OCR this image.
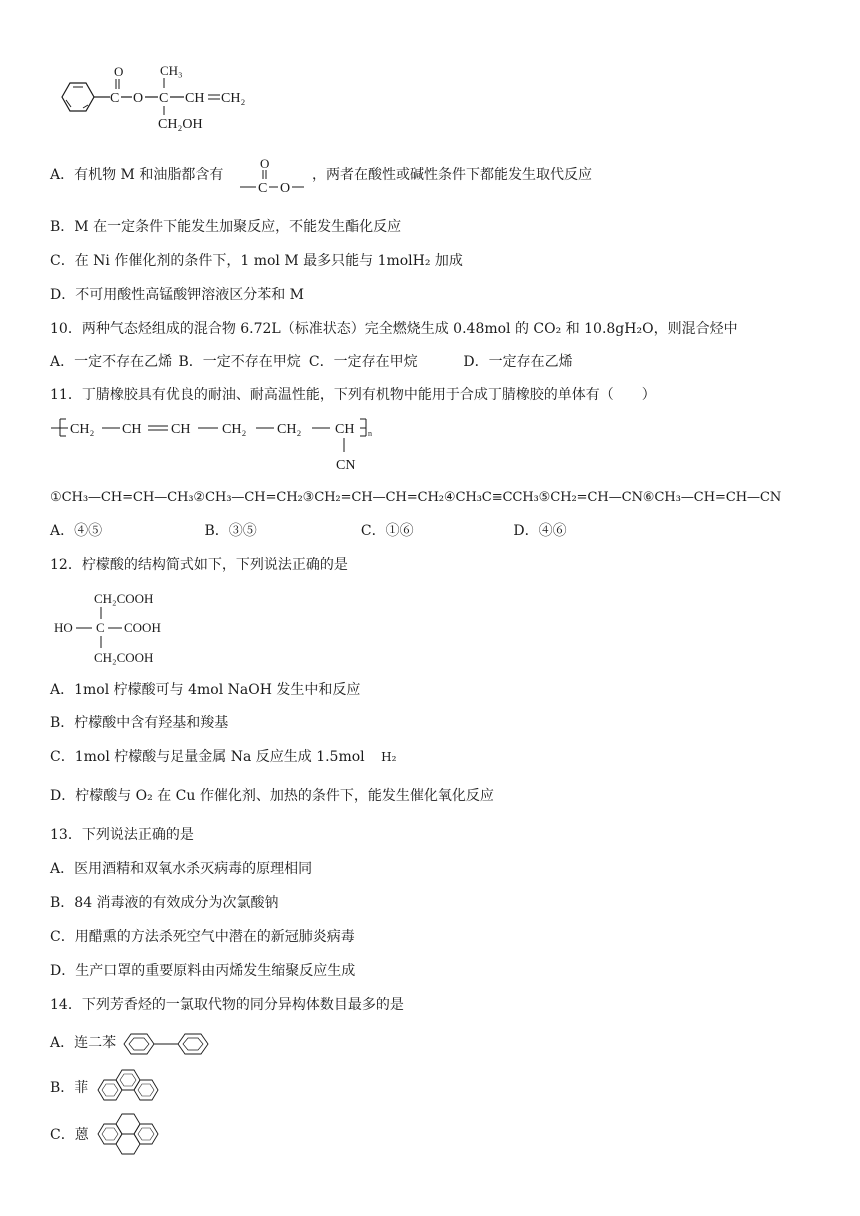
C
O
O C
CH₃
CH CH₂
CH₂OH
A．有机物 M 和油脂都含有
O
C O
，两者在酸性或碱性条件下都能发生取代反应
B．M 在一定条件下能发生加聚反应，不能发生酯化反应
C．在 Ni 作催化剂的条件下，1 mol M 最多只能与 1molH₂ 加成
D．不可用酸性高锰酸钾溶液区分苯和 M
10．两种气态烃组成的混合物 6.72L（标准状态）完全燃烧生成 0.48mol 的 CO₂ 和 10.8gH₂O，则混合烃中
A．一定不存在乙烯 B．一定不存在甲烷 C．一定存在甲烷	D．一定存在乙烯
11．丁腈橡胶具有优良的耐油、耐高温性能，下列有机物中能用于合成丁腈橡胶的单体有（　　）
CH₂ CH CH CH₂ CH₂ CH
CN
n
①CH₃—CH=CH—CH₃②CH₃—CH=CH₂③CH₂=CH—CH=CH₂④CH₃C≡CCH₃⑤CH₂=CH—CN⑥CH₃—CH=CH—CN
A．④⑤	B．③⑤	C．①⑥	D．④⑥
12．柠檬酸的结构简式如下，下列说法正确的是
CH₂COOH
HO C COOH
CH₂COOH
A．1mol 柠檬酸可与 4mol NaOH 发生中和反应
B．柠檬酸中含有羟基和羧基
C．1mol 柠檬酸与足量金属 Na 反应生成 1.5mol H₂
D．柠檬酸与 O₂ 在 Cu 作催化剂、加热的条件下，能发生催化氧化反应
13．下列说法正确的是
A．医用酒精和双氧水杀灭病毒的原理相同
B．84 消毒液的有效成分为次氯酸钠
C．用醋熏的方法杀死空气中潜在的新冠肺炎病毒
D．生产口罩的重要原料由丙烯发生缩聚反应生成
14．下列芳香烃的一氯取代物的同分异构体数目最多的是
A．连二苯
B．菲
C．蒽
